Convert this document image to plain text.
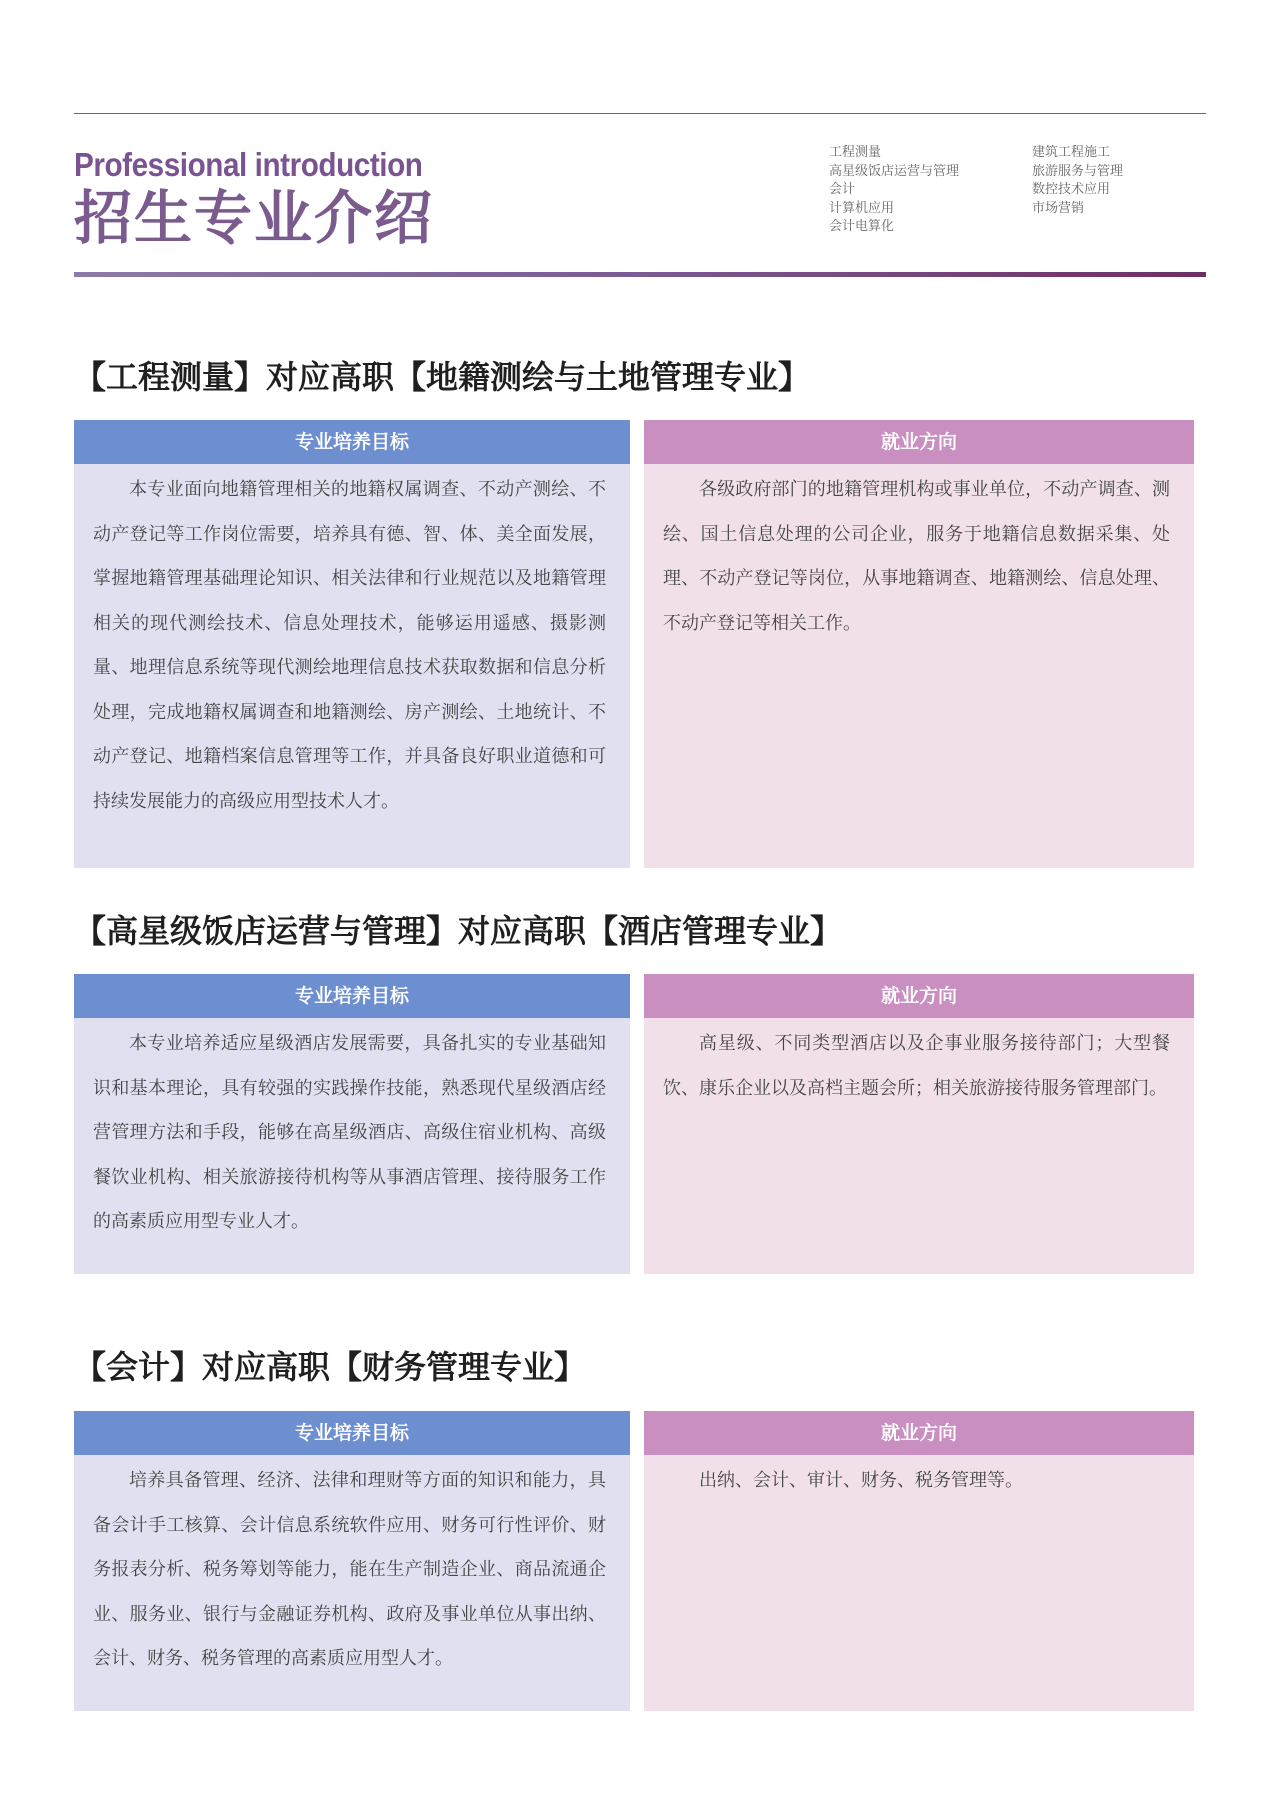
Professional introduction
招生专业介绍
工程测量
高星级饭店运营与管理
会计
计算机应用
会计电算化
建筑工程施工
旅游服务与管理
数控技术应用
市场营销
【工程测量】对应高职【地籍测绘与土地管理专业】
专业培养目标
本专业面向地籍管理相关的地籍权属调查、不动产测绘、不动产登记等工作岗位需要，培养具有德、智、体、美全面发展，掌握地籍管理基础理论知识、相关法律和行业规范以及地籍管理相关的现代测绘技术、信息处理技术，能够运用遥感、摄影测量、地理信息系统等现代测绘地理信息技术获取数据和信息分析处理，完成地籍权属调查和地籍测绘、房产测绘、土地统计、不动产登记、地籍档案信息管理等工作，并具备良好职业道德和可持续发展能力的高级应用型技术人才。
就业方向
各级政府部门的地籍管理机构或事业单位，不动产调查、测绘、国土信息处理的公司企业，服务于地籍信息数据采集、处理、不动产登记等岗位，从事地籍调查、地籍测绘、信息处理、不动产登记等相关工作。
【高星级饭店运营与管理】对应高职【酒店管理专业】
专业培养目标
本专业培养适应星级酒店发展需要，具备扎实的专业基础知识和基本理论，具有较强的实践操作技能，熟悉现代星级酒店经营管理方法和手段，能够在高星级酒店、高级住宿业机构、高级餐饮业机构、相关旅游接待机构等从事酒店管理、接待服务工作的高素质应用型专业人才。
就业方向
高星级、不同类型酒店以及企事业服务接待部门；大型餐饮、康乐企业以及高档主题会所；相关旅游接待服务管理部门。
【会计】对应高职【财务管理专业】
专业培养目标
培养具备管理、经济、法律和理财等方面的知识和能力，具备会计手工核算、会计信息系统软件应用、财务可行性评价、财务报表分析、税务筹划等能力，能在生产制造企业、商品流通企业、服务业、银行与金融证券机构、政府及事业单位从事出纳、会计、财务、税务管理的高素质应用型人才。
就业方向
出纳、会计、审计、财务、税务管理等。
